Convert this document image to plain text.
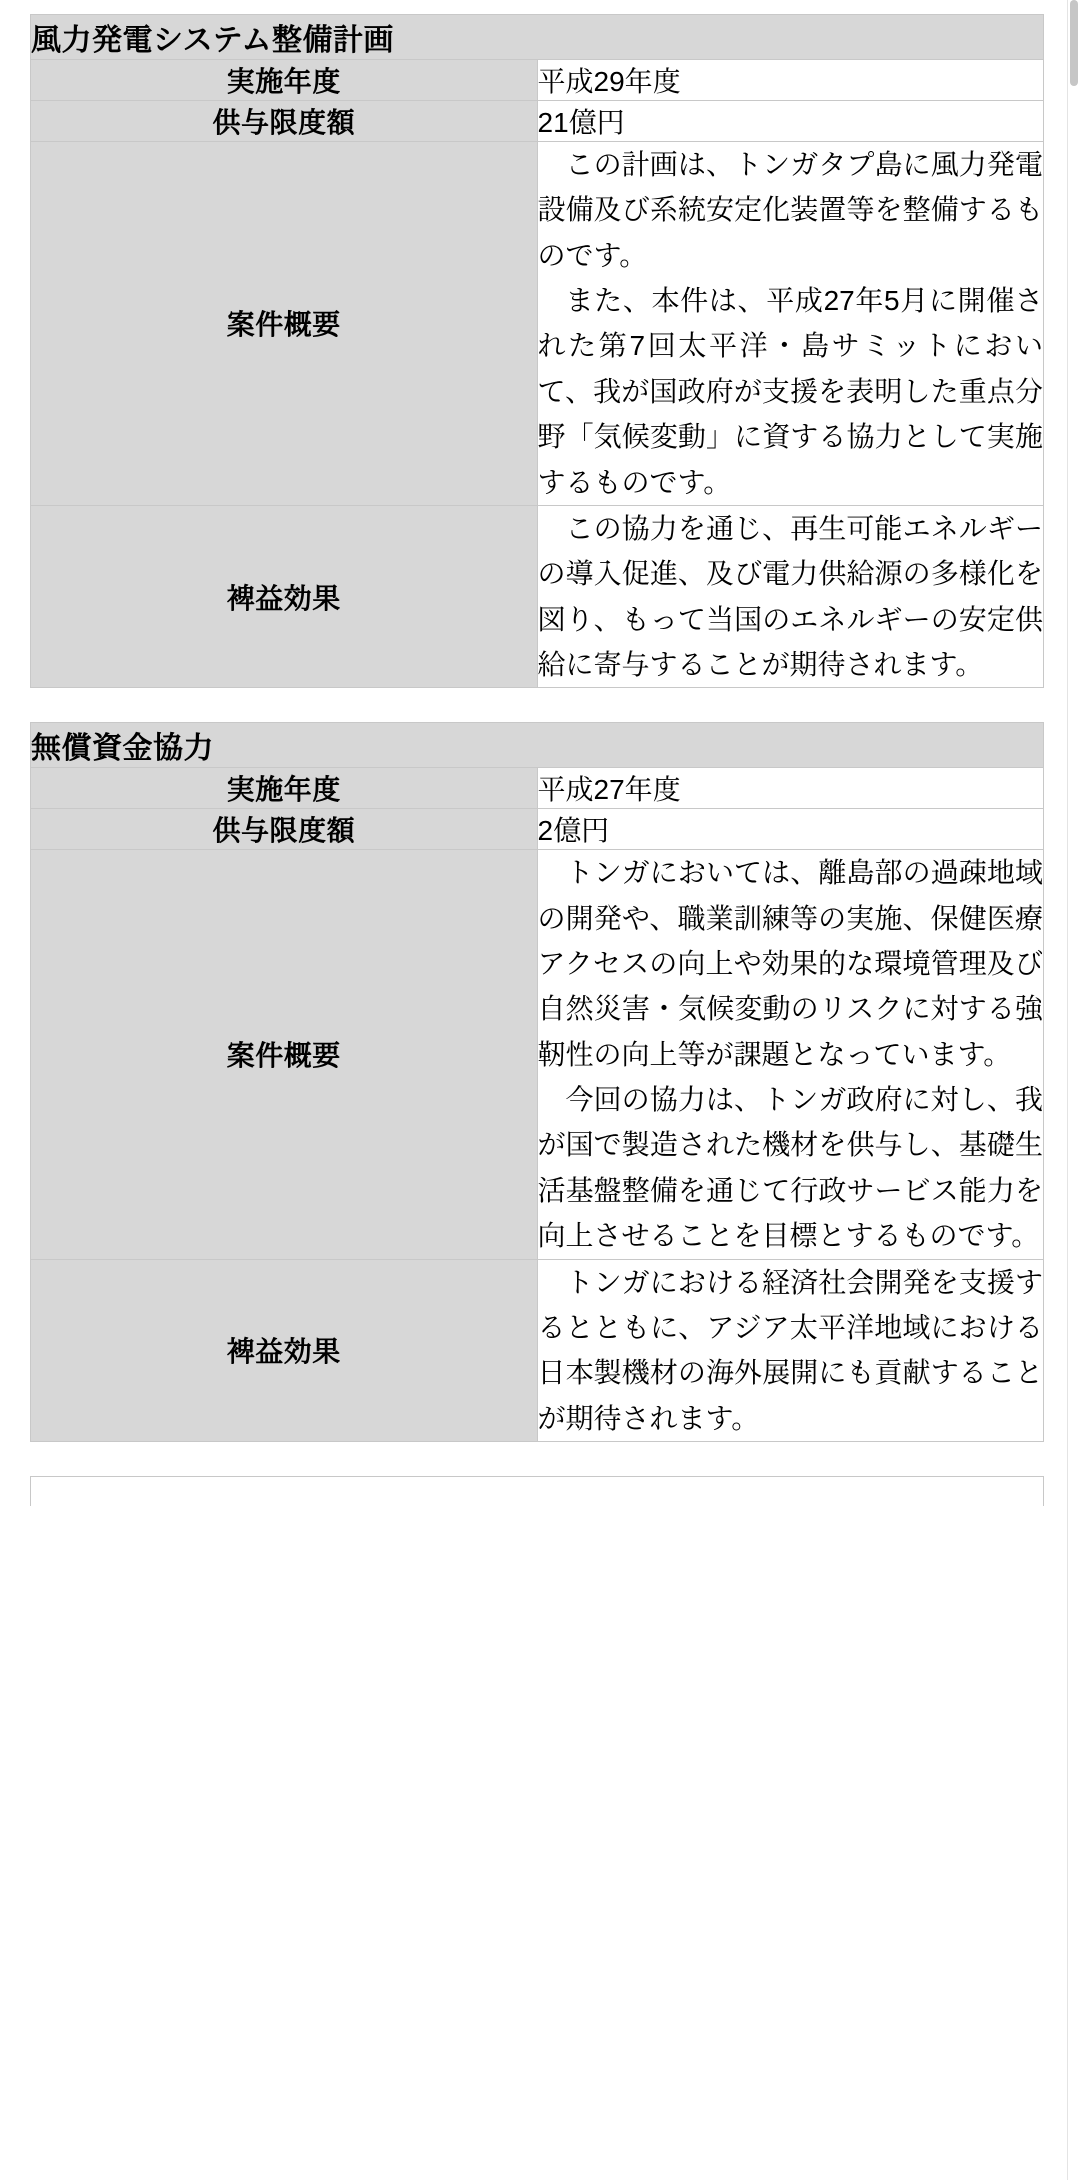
風力発電システム整備計画	
実施年度	平成29年度
供与限度額	21億円
案件概要	この計画は、トンガタプ島に風力発電設備及び系統安定化装置等を整備するものです。

また、本件は、平成27年5月に開催された第7回太平洋・島サミットにおいて、我が国政府が支援を表明した重点分野「気候変動」に資する協力として実施するものです。

裨益効果	この協力を通じ、再生可能エネルギーの導入促進、及び電力供給源の多様化を図り、もって当国のエネルギーの安定供給に寄与することが期待されます。

無償資金協力	
実施年度	平成27年度
供与限度額	2億円
案件概要	トンガにおいては、離島部の過疎地域の開発や、職業訓練等の実施、保健医療アクセスの向上や効果的な環境管理及び自然災害・気候変動のリスクに対する強靭性の向上等が課題となっています。

今回の協力は、トンガ政府に対し、我が国で製造された機材を供与し、基礎生活基盤整備を通じて行政サービス能力を向上させることを目標とするものです。

裨益効果	トンガにおける経済社会開発を支援するとともに、アジア太平洋地域における日本製機材の海外展開にも貢献することが期待されます。
